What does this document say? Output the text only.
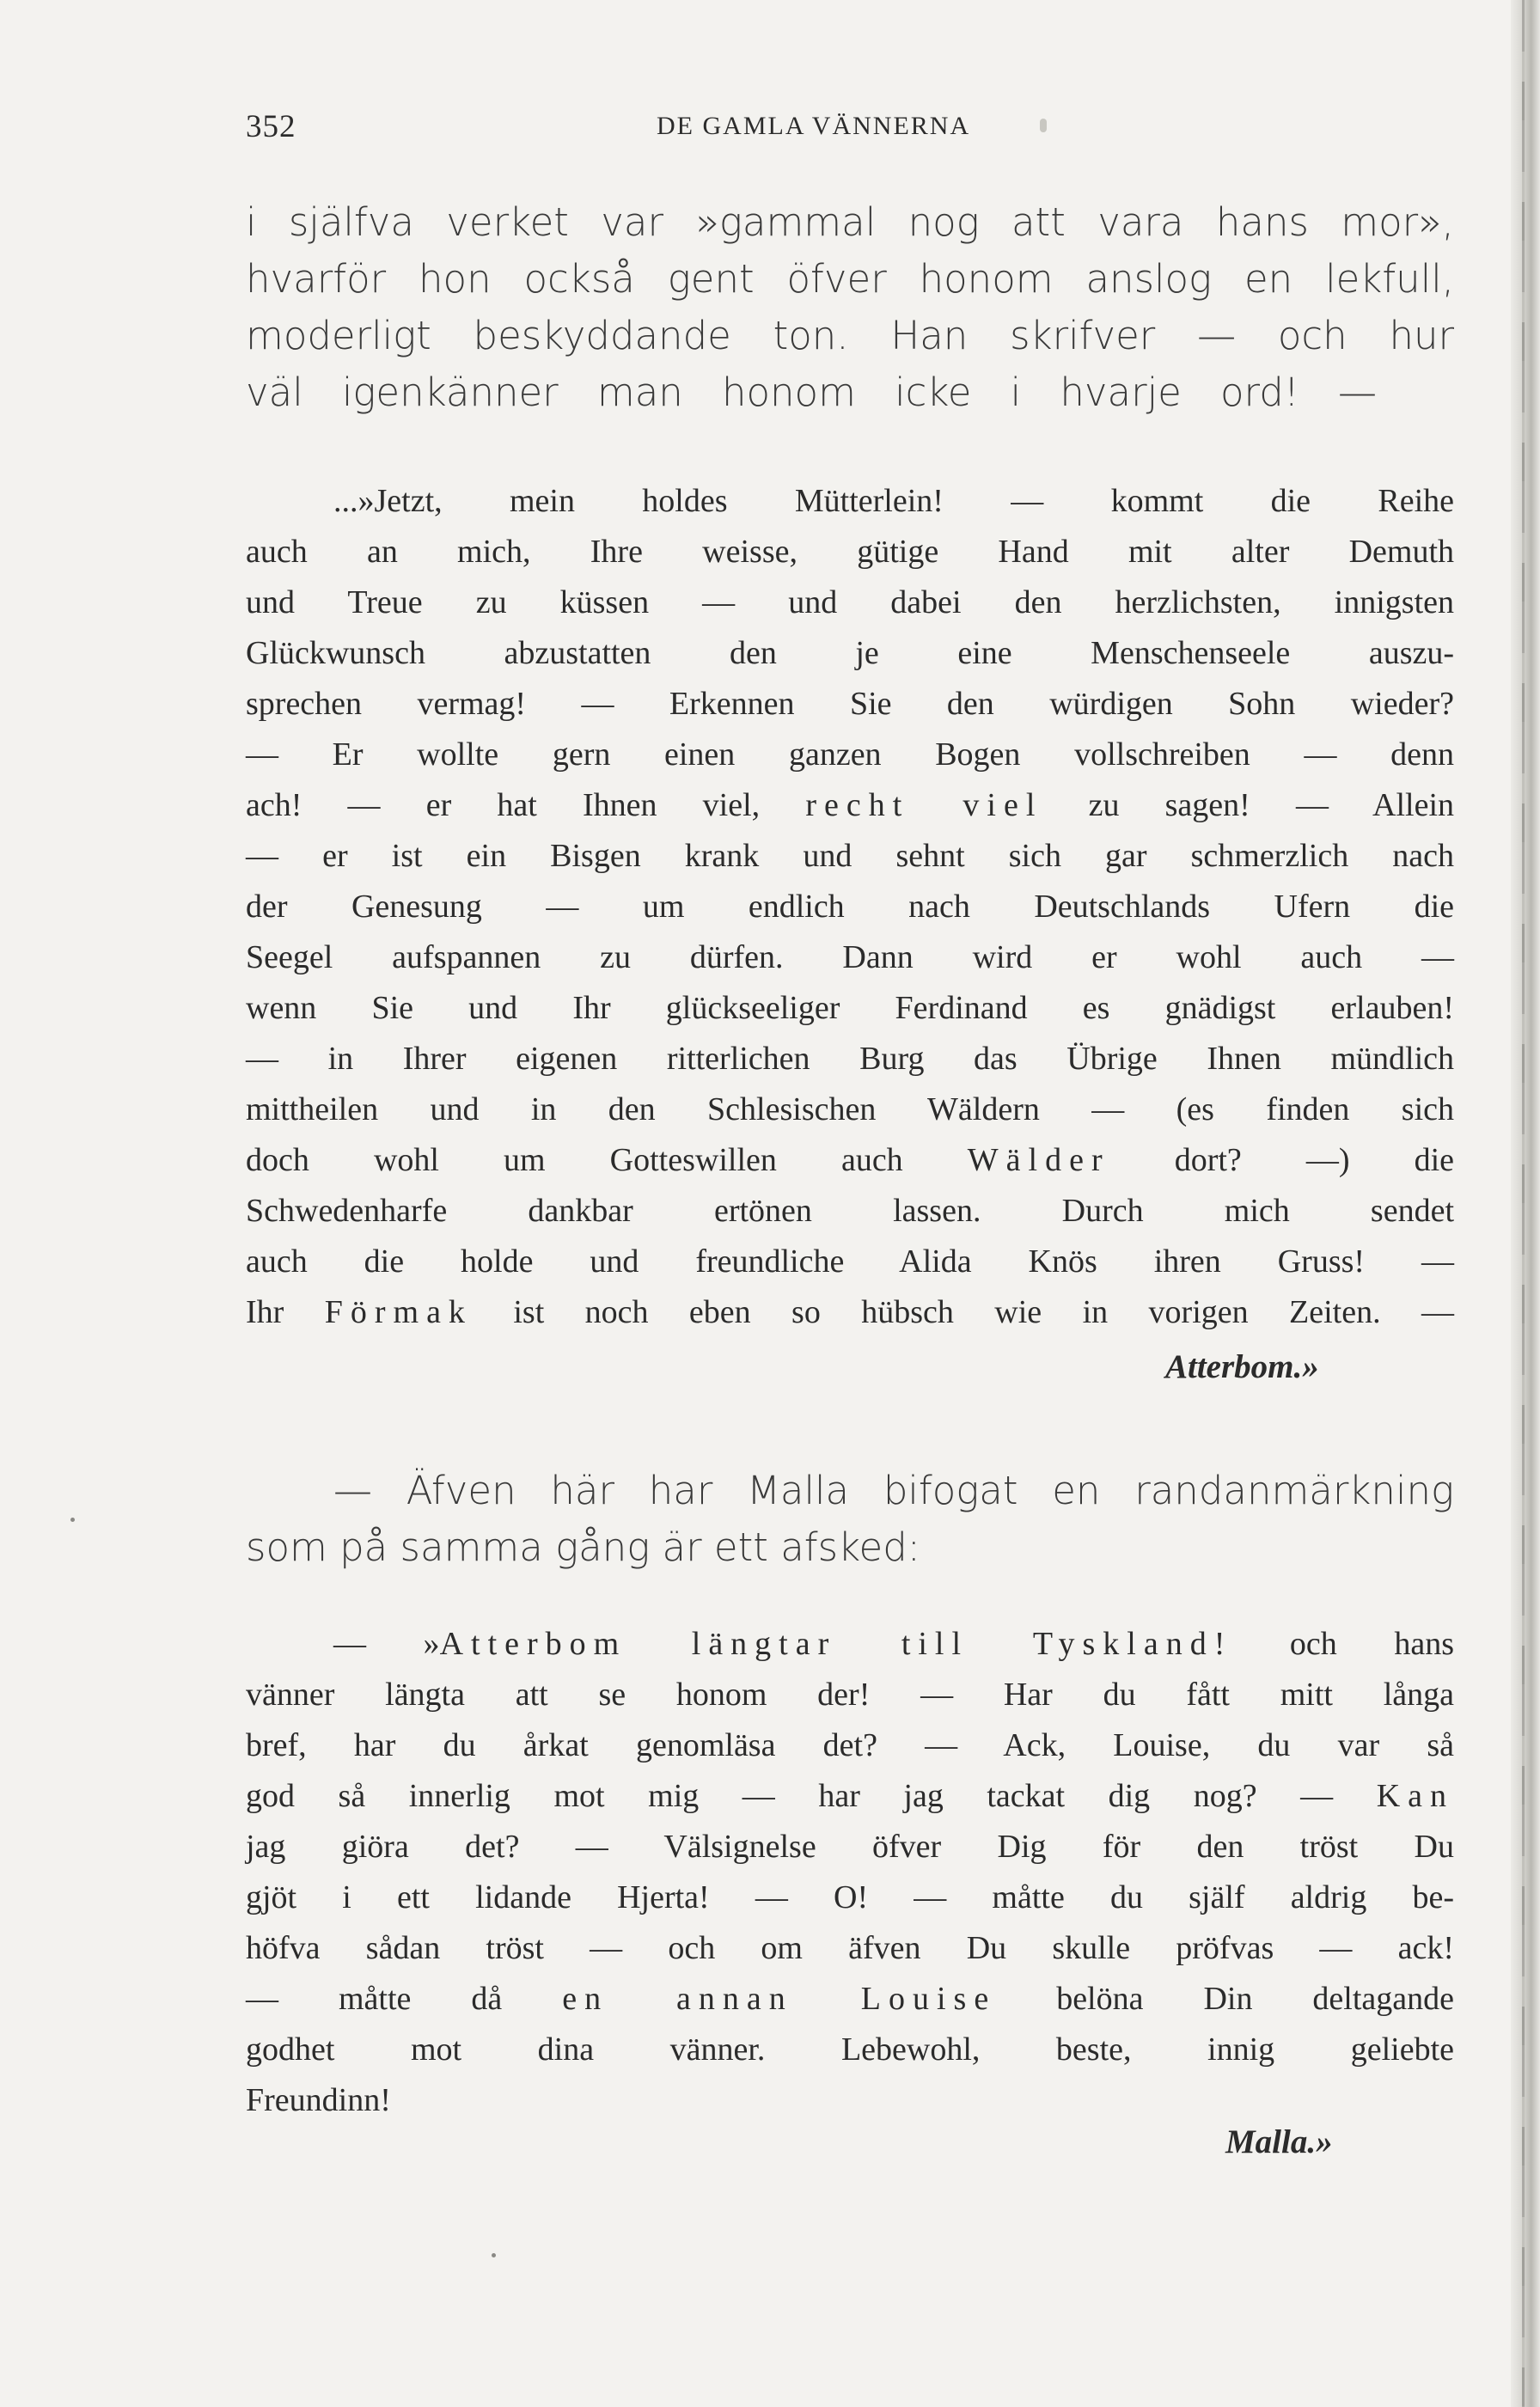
352	DE GAMLA VÄNNERNA
i själfva verket var »gammal nog att vara hans mor»,
hvarför hon också gent öfver honom anslog en lekfull,
moderligt beskyddande ton. Han skrifver — och hur
väl igenkänner man honom icke i hvarje ord! —
...»Jetzt, mein holdes Mütterlein! — kommt die Reihe
auch an mich, Ihre weisse, gütige Hand mit alter Demuth
und Treue zu küssen — und dabei den herzlichsten, innigsten
Glückwunsch abzustatten den je eine Menschenseele auszu-
sprechen vermag! — Erkennen Sie den würdigen Sohn wieder?
— Er wollte gern einen ganzen Bogen vollschreiben — denn
ach! — er hat Ihnen viel, recht viel zu sagen! — Allein
— er ist ein Bisgen krank und sehnt sich gar schmerzlich nach
der Genesung — um endlich nach Deutschlands Ufern die
Seegel aufspannen zu dürfen. Dann wird er wohl auch —
wenn Sie und Ihr glückseeliger Ferdinand es gnädigst erlauben!
— in Ihrer eigenen ritterlichen Burg das Übrige Ihnen mündlich
mittheilen und in den Schlesischen Wäldern — (es finden sich
doch wohl um Gotteswillen auch Wälder dort? —) die
Schwedenharfe dankbar ertönen lassen. Durch mich sendet
auch die holde und freundliche Alida Knös ihren Gruss! —
Ihr Förmak ist noch eben so hübsch wie in vorigen Zeiten. —
Atterbom.»
— Äfven här har Malla bifogat en randanmärkning
som på samma gång är ett afsked:
— »Atterbom längtar till Tyskland! och hans
vänner längta att se honom der! — Har du fått mitt långa
bref, har du årkat genomläsa det? — Ack, Louise, du var så
god så innerlig mot mig — har jag tackat dig nog? — Kan
jag giöra det? — Välsignelse öfver Dig för den tröst Du
gjöt i ett lidande Hjerta! — O! — måtte du själf aldrig be-
höfva sådan tröst — och om äfven Du skulle pröfvas — ack!
— måtte då en annan Louise belöna Din deltagande
godhet mot dina vänner. Lebewohl, beste, innig geliebte
Freundinn!
Malla.»
